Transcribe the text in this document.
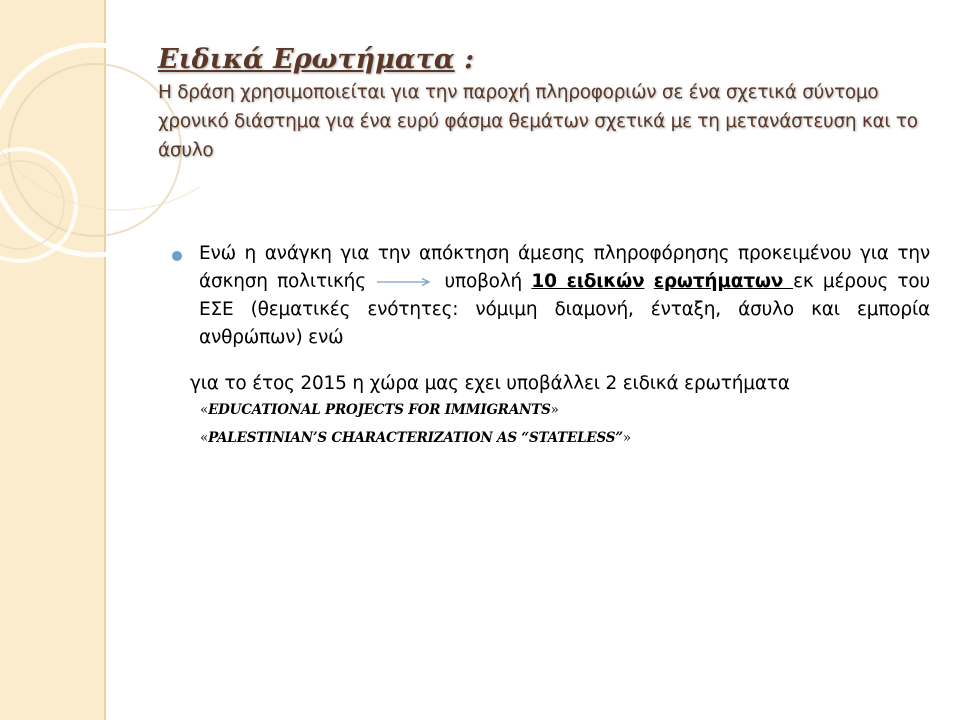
Ειδικά Ερωτήματα :
Η δράση χρησιμοποιείται για την παροχή πληροφοριών σε ένα σχετικά σύντομο χρονικό διάστημα για ένα ευρύ φάσμα θεμάτων σχετικά με τη μετανάστευση και το άσυλο
Ενώ η ανάγκη για την απόκτηση άμεσης πληροφόρησης προκειμένου για την άσκηση πολιτικής	υποβολή 10 ειδικών ερωτήματων εκ μέρους του ΕΣΕ (θεματικές ενότητες: νόμιμη διαμονή, ένταξη, άσυλο και εμπορία ανθρώπων) ενώ
για το έτος 2015 η χώρα μας εχει υποβάλλει 2 ειδικά ερωτήματα
«EDUCATIONAL PROJECTS FOR IMMIGRANTS»
«PALESTINIAN’S CHARACTERIZATION AS “STATELESS”»
